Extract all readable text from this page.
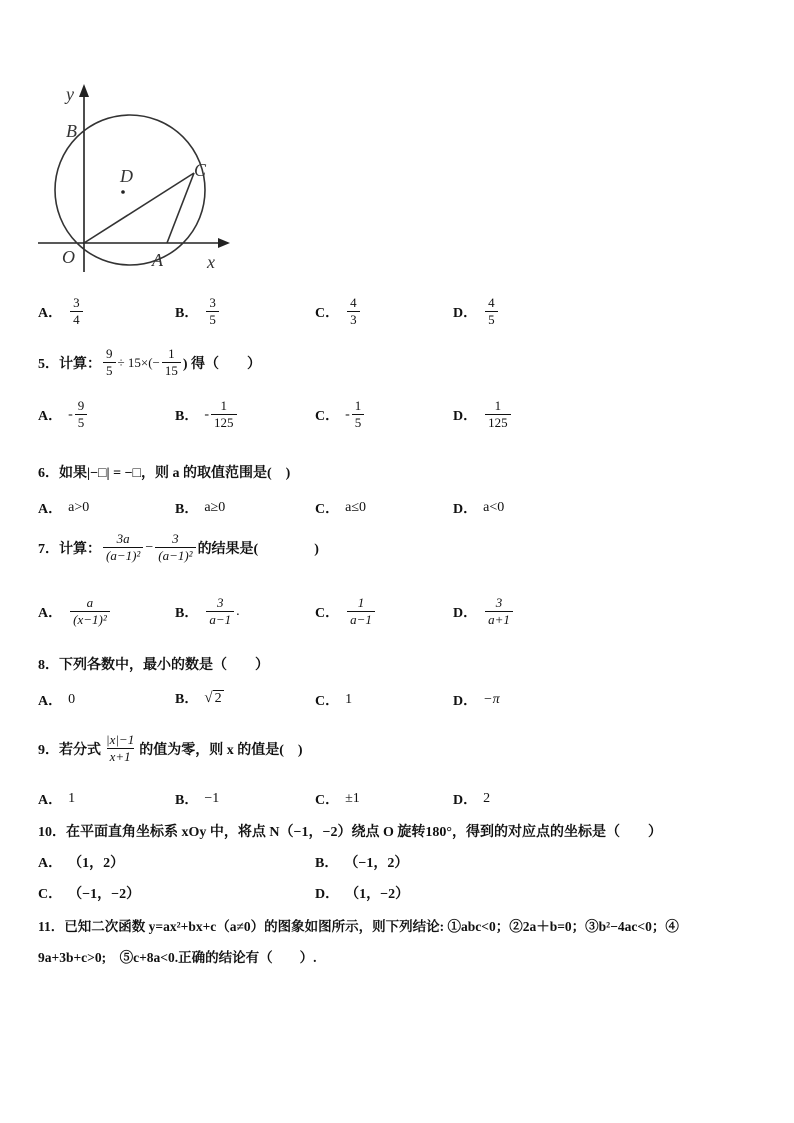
y
B
D	C
O	A x
A． $\frac{3}{4}$	B． $\frac{3}{5}$	C． $\frac{4}{3}$	D． $\frac{4}{5}$
5．计算： $\frac{9}{5} \div 15\times(- \frac{1}{15}$ ) 得（　　）
A． - $\frac{9}{5}$	B． - $\frac{1}{125}$	C． - $\frac{1}{5}$	D． $\frac{1}{125}$
6．如果|−□| = −□，则 a 的取值范围是(　)
A． a>0	B． a≥0	C． a≤0	D． a<0
7．计算： $\frac{3a}{\text{(a−1)²}} - \frac{3}{\text{(a−1)²}}$ 的结果是(　　　　)
A． $\frac{a}{\text{(x−1)²}}$	B． $\frac{3}{a-1}$ .	C． $\frac{1}{a-1}$	D． $\frac{3}{a+1}$
8．下列各数中，最小的数是（　　）
A． 0	B． √ 2	C． 1	D． −π
9．若分式 $\frac{|x|-1}{x+1}$ 的值为零，则 x 的值是(　)
A． 1	B． −1	C． ±1	D． 2
10．在平面直角坐标系 xOy 中，将点 N（−1，−2）绕点 O 旋转180°，得到的对应点的坐标是（　　）
A． （1，2）	B． （−1，2）
C． （−1，−2）	D． （1，−2）
11．已知二次函数 y=ax²+bx+c（a≠0）的图象如图所示，则下列结论: ①abc<0；②2a＋b=0；③b²−4ac<0；④
9a+3b+c>0;　⑤c+8a<0.正确的结论有（　　）.
